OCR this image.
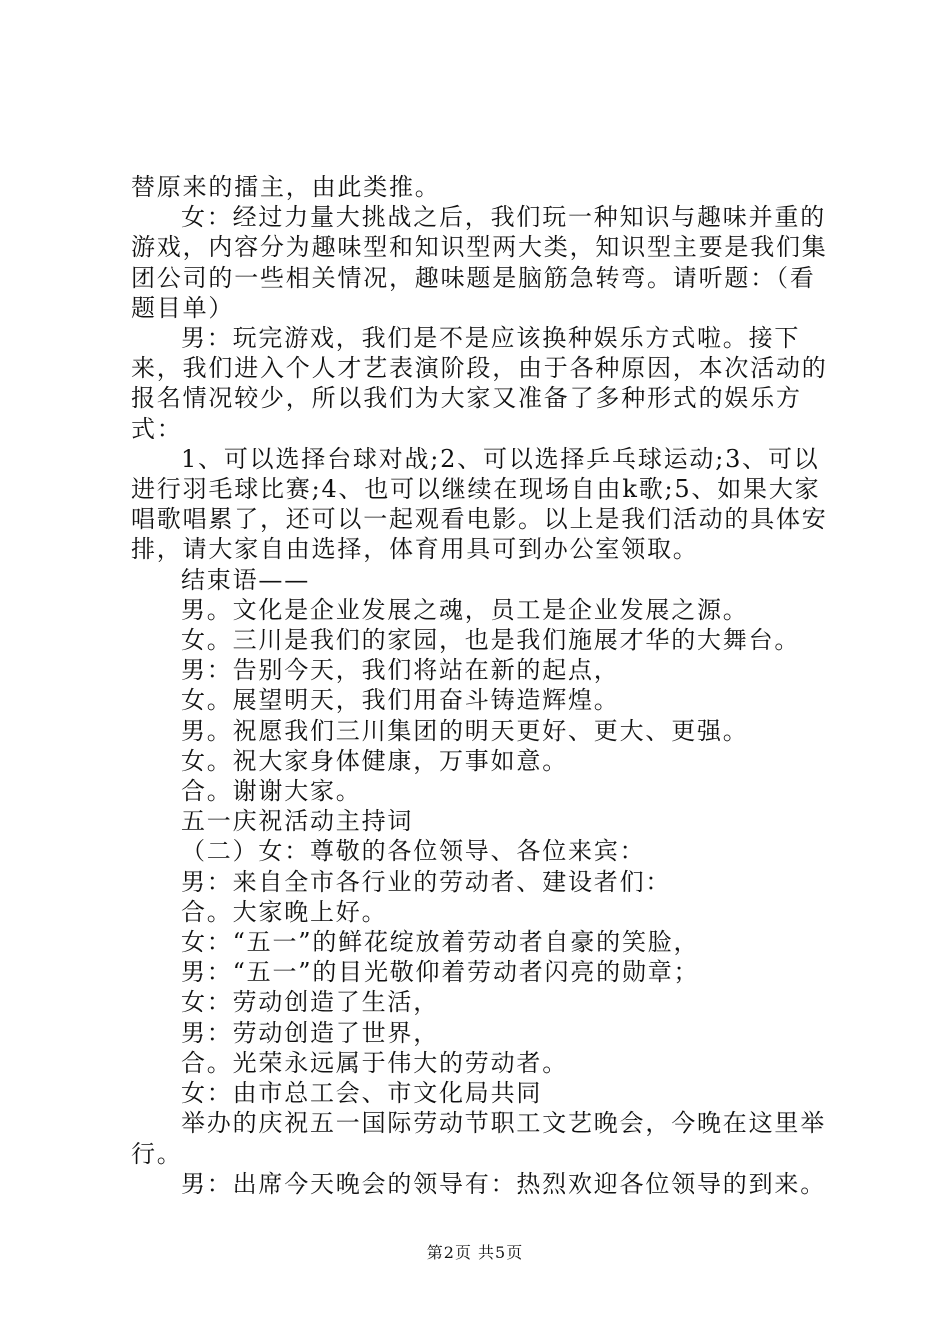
替原来的擂主，由此类推。

女：经过力量大挑战之后，我们玩一种知识与趣味并重的游戏，内容分为趣味型和知识型两大类，知识型主要是我们集团公司的一些相关情况，趣味题是脑筋急转弯。请听题：（看题目单）

男：玩完游戏，我们是不是应该换种娱乐方式啦。接下来，我们进入个人才艺表演阶段，由于各种原因，本次活动的报名情况较少，所以我们为大家又准备了多种形式的娱乐方式：

1、可以选择台球对战;2、可以选择乒乓球运动;3、可以进行羽毛球比赛;4、也可以继续在现场自由k歌;5、如果大家唱歌唱累了，还可以一起观看电影。以上是我们活动的具体安排，请大家自由选择，体育用具可到办公室领取。

结束语——

男。文化是企业发展之魂，员工是企业发展之源。

女。三川是我们的家园，也是我们施展才华的大舞台。

男：告别今天，我们将站在新的起点，

女。展望明天，我们用奋斗铸造辉煌。

男。祝愿我们三川集团的明天更好、更大、更强。

女。祝大家身体健康，万事如意。

合。谢谢大家。

五一庆祝活动主持词

（二）女：尊敬的各位领导、各位来宾：

男：来自全市各行业的劳动者、建设者们：

合。大家晚上好。

女：“五一”的鲜花绽放着劳动者自豪的笑脸，

男：“五一”的目光敬仰着劳动者闪亮的勋章；

女：劳动创造了生活，

男：劳动创造了世界，

合。光荣永远属于伟大的劳动者。

女：由市总工会、市文化局共同

举办的庆祝五一国际劳动节职工文艺晚会，今晚在这里举行。

男：出席今天晚会的领导有：热烈欢迎各位领导的到来。

第2页 共5页
